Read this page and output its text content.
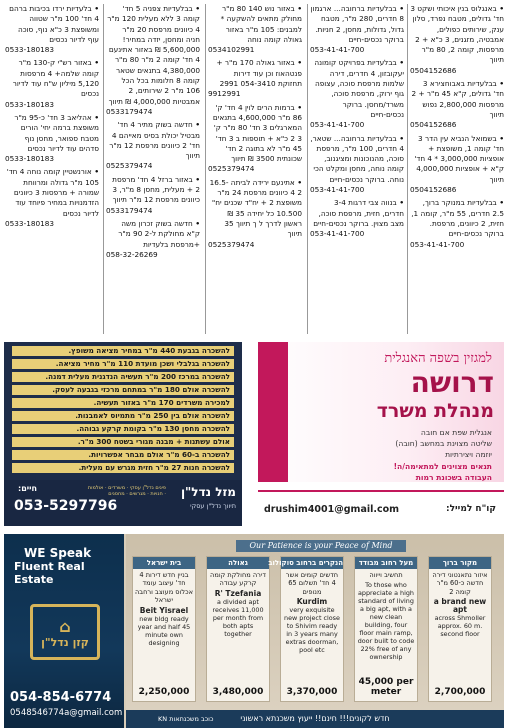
• באנגלוס בנין איכותי ושקט 3 חד' גדולים, מטבח נפרד, סלון ענק, שירותים כפולים, אמבטיה, מזגנים, 3 כ"א + 2 מרפסות, קומה 2, 80 מ"ר תיווך
0504152686
• בבלעדיות באבוחצירא 3 חד' גדולים, ק"א 45 מ"ר + 2 מרפסות 2,800,000 נפוש תיווך
0504152686
• בשמואל הנביא עין הדר 3 חד' קומה 1, משופצת + אופציות 3,000,000 * 4 חד' ק"א + אופציות 4,000,000 תיווך
0504152686
• בבלעדיות במנוקר ברוך, 2.5 חדרים, 55 מ"ר, קומה 1, חזית, 2 כיוונים, מרפסת. ברוקר נכסים-חיים
053-41-41-700
• בבלעדיות ברחובה... ארגמון 8 חדרים, 280 מ"ר, מטבח גדול, גדולות, מחסן, 2 חניות. ברוקר נכסים-חיים
053-41-41-700
• בבלעדיות בפרויקט קומונה יעקובזון, 4 חדרים, דירה שלמות מרפסת סוכה, עצופה גוף ירוק, מרפסת סוכה, משרד/מחסן. ברוקר נכסים-חיים
053-41-41-700
• בבלעדיות ברחובה... שטאר, 4 חדרים, 100 מ"ר, מרפסת סוכה, מהנוכונות ומציגנוב, קומה נוחה, מחסן ומקלט הכי נוחה. ברוקר נכסים-חיים
053-41-41-700
• בנווה צבי דרגות 3-4 חדרים, חזית, מרפסת סוכה, מצב מצוין. ברוקר נכסים-חיים
053-41-41-700
• באזור נוש 140 80 מ"ר מחולק מתאים להשקעה * למבנים: 105 מ"ר באזור גאולה קומה נוחה
0534102991
• באזור גאולה 170 מ"ר + פנטהאוז וכן עוד דירות תחזוקת 054-3410 2991
9912991
• ברמות הרים לוין 4 חד' ק' 86 מ"ר 4,600,000 בתנאים המארגלים 3 חד' 80 מ"ר ק' 3 2 כ"א + תוספות ב 3 חד' 45 מ"ר לא בתוגה 2 חד' שכונתית 3500 ₪ תיווך
0525379474
• אתינעם ירידה לביתה 16.5-2 4 כיוונים מרפסת 24 מ"ר משופצת 2 + יח"ד שכנים יח" 10.500 כל יחידה 35 ₪ ראשון לדרך ל ך תיווך 35 תיווך
0525379474
• בבלעדיות צפניה 5 חד' קומה 3 ללא מעלית 120 מ"ר 4 כיוונים מרפסת 20 מ"ר חניה ומחסן, יזדה במחיר! 5,600,000 ₪ באזור אתינעם 4 חד' קומה 2 מ"ר 80 מ"ר 4,380,000 בתנאים שטאר קומה 8 חלומות בכל הכל 106 מ"ר 2 שירותים, 2 אמבטיות 4,000,000 ₪ תיווך
0533179474
• חדשה בשוק מתיר 4 חד' מבטיל יכולת בסיס מאייהם 4 חד' 2 כיוונים מרפסת 12 מ"ר תיווך
0525379474
• באזור ברזל 4 חד' מרפסת 2 + מעלית, מחסן 8 מ"ר, 3 כיוונים מרפסת 12 מ"ר תיווך
0533179474
• חדשה בשוק זכרון משה ק"א מחולקת ל-2 90 מ"ר +מרפסת בלעדיות
058-32-26269
• בלעדיות ירדו בכיבות ברהם 4 חד' 100 מ"ר שטווה ומשופצת 3 כ"א נוף, סוכה עוף לדיור נכסים
0533-180183
• באזור רש"י ק-130 מ"ר קומה שלמה+ 4 מרפסות 5,120 מיליון ש"ח עוד לדיור נכסים
0533-180183
• אהליאב 3 חד' כ-95 מ"ר משופצת ברמה יחי' הורים מטבח ספואר, מחסן נוף סדהים עוד לדיור נכסים
0533-180183
• אורנשטיין קומה נוחה 4 חד' 105 מ"ר גדולה ומרווחת שמורה + מרפסות 3 כיוונים הזדמנויות במחיר פיוחד עוד לדיור נכסים
0533-180183
להשכרה בגבעת 440 מ"ר במחיר מציאה משופץ.
להשכרה בגלבלי ושכן מועדת 110 מ"ר מחיר מציאה.
להשכרה במרכז 200 מ"ר תעשיה הנדגנית מעלית דמנה.
להשכרה אולם 180 מ"ר במתחם מרכזי בגבעה לעסק.
למכירה משרדים 170 מ"ר באזור תעשיה.
להשכרה אולם בין 250 מ"ר מתמיוס לאמבנות.
להשכרה מחסן 130 מ"ר בקומת קרקע גבוהה.
אולם עשתנות + מבנה מגורי בשטח 300 מ"ר.
להשכרה ב-60 מ"ר אולם מבחר אפשרויות.
להשכרה חנות 27 מ"ר חזית מגרש עם מעלית.
מזל נדל"ן
תיווך נדל"ן עסקי
פינים נדל"ן עסקי · משרדים · אולמות · חנויות · מגרשים · מחסנים
חיים:
053-5297796
למגזין בשפה האנגלית
דרושה
מנהלת משרד
אנגלית שפת אם חובה
שליטה מצוינת במחשב (חובה)
יוזמה ויצירתיות
תנאים מצוינים למתאימה/ה!
העבודה בשכונת רמות
קו"ח למייל:
drushim4001@gmail.com
WE Speak
Fluent Real Estate
⌂
קזן נדל"ן
054-854-6774
0548546774a@gmail.com
Our Patience is your Peace of Mind
בית ישראל
בניין חדש דירות 4 חד' עיצוב עומד אכלוס מעוצב ורחבה ישראל
Beit Yisrael
new bldg ready year and half 45 minute own designing
2,250,000
גאולה
דירה מחולקת קומה קרקע עבודה
R' Tzefania
a divided apt receives 11,000 per month from both apts together
3,480,000
הנקרים ברחוב סוקולוב
חדשים קומים אשר 4 חד' תשלום 65 מנופים
Kurdim
very exquisite new project close to Shivim ready in 3 years many extras doorman, pool etc
3,370,000
מעל רחוב מבודד
תחשיב וייווה
To those who appreciate a high standard of living a big apt, with a new clean building, four floor main ramp, door built to code 22% free of any ownership
45,000 per meter
מקור ברוך
איזור נתאנטוני דירה חדשה כ-60 מ"ר קומה 2
a brand new apt
across Shmoller approx. 60 m. second floor
2,700,000
חדש לקונים!!! חינם!! ייעוץ משכנתא ראשוני
KN כוכב משכנתאות
